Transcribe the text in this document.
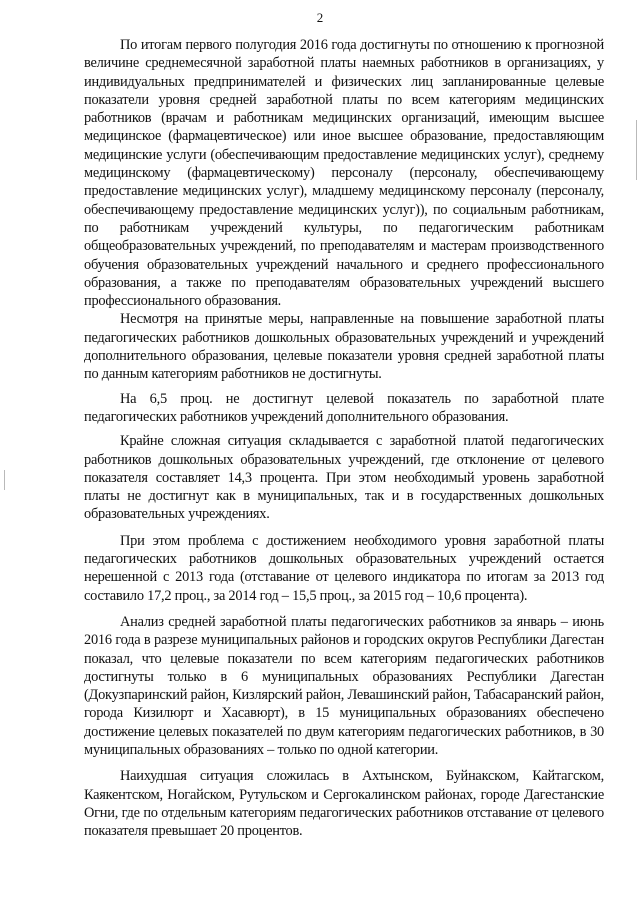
2

По итогам первого полугодия 2016 года достигнуты по отношению к прогнозной величине среднемесячной заработной платы наемных работников в организациях, у индивидуальных предпринимателей и физических лиц запланированные целевые показатели уровня средней заработной платы по всем категориям медицинских работников (врачам и работникам медицинских организаций, имеющим высшее медицинское (фармацевтическое) или иное высшее образование, предоставляющим медицинские услуги (обеспечивающим предоставление медицинских услуг), среднему медицинскому (фармацевтическому) персоналу (персоналу, обеспечивающему предоставление медицинских услуг), младшему медицинскому персоналу (персоналу, обеспечивающему предоставление медицинских услуг)), по социальным работникам, по работникам учреждений культуры, по педагогическим работникам общеобразовательных учреждений, по преподавателям и мастерам производственного обучения образовательных учреждений начального и среднего профессионального образования, а также по преподавателям образовательных учреждений высшего профессионального образования.

Несмотря на принятые меры, направленные на повышение заработной платы педагогических работников дошкольных образовательных учреждений и учреждений дополнительного образования, целевые показатели уровня средней заработной платы по данным категориям работников не достигнуты.

На 6,5 проц. не достигнут целевой показатель по заработной плате педагогических работников учреждений дополнительного образования.

Крайне сложная ситуация складывается с заработной платой педагогических работников дошкольных образовательных учреждений, где отклонение от целевого показателя составляет 14,3 процента. При этом необходимый уровень заработной платы не достигнут как в муниципальных, так и в государственных дошкольных образовательных учреждениях.

При этом проблема с достижением необходимого уровня заработной платы педагогических работников дошкольных образовательных учреждений остается нерешенной с 2013 года (отставание от целевого индикатора по итогам за 2013 год составило 17,2 проц., за 2014 год – 15,5 проц., за 2015 год – 10,6 процента).

Анализ средней заработной платы педагогических работников за январь – июнь 2016 года в разрезе муниципальных районов и городских округов Республики Дагестан показал, что целевые показатели по всем категориям педагогических работников достигнуты только в 6 муниципальных образованиях Республики Дагестан (Докузпаринский район, Кизлярский район, Левашинский район, Табасаранский район, города Кизилюрт и Хасавюрт), в 15 муниципальных образованиях обеспечено достижение целевых показателей по двум категориям педагогических работников, в 30 муниципальных образованиях – только по одной категории.

Наихудшая ситуация сложилась в Ахтынском, Буйнакском, Кайтагском, Каякентском, Ногайском, Рутульском и Сергокалинском районах, городе Дагестанские Огни, где по отдельным категориям педагогических работников отставание от целевого показателя превышает 20 процентов.
